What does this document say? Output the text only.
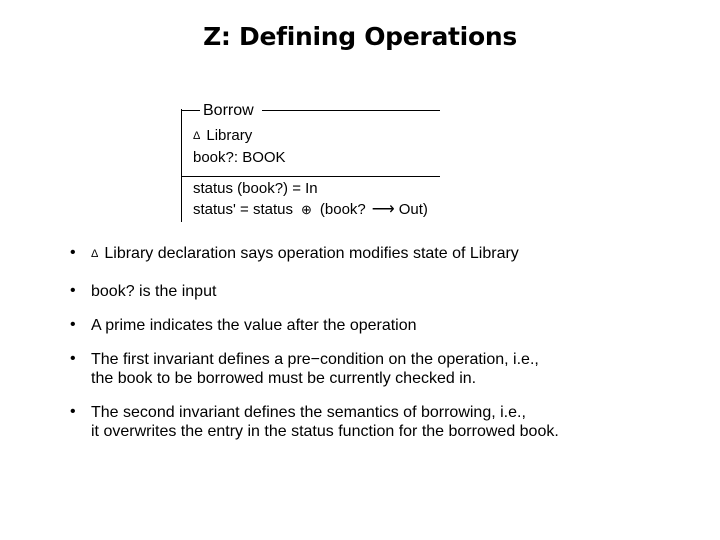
Z: Defining Operations
Borrow
Δ Library
book?: BOOK
status (book?) = In
status' = status ⊕ (book? ⟶ Out)
• Δ Library declaration says operation modifies state of Library
• book? is the input
• A prime indicates the value after the operation
• The first invariant defines a pre−condition on the operation, i.e.,
the book to be borrowed must be currently checked in.
• The second invariant defines the semantics of borrowing, i.e.,
it overwrites the entry in the status function for the borrowed book.
